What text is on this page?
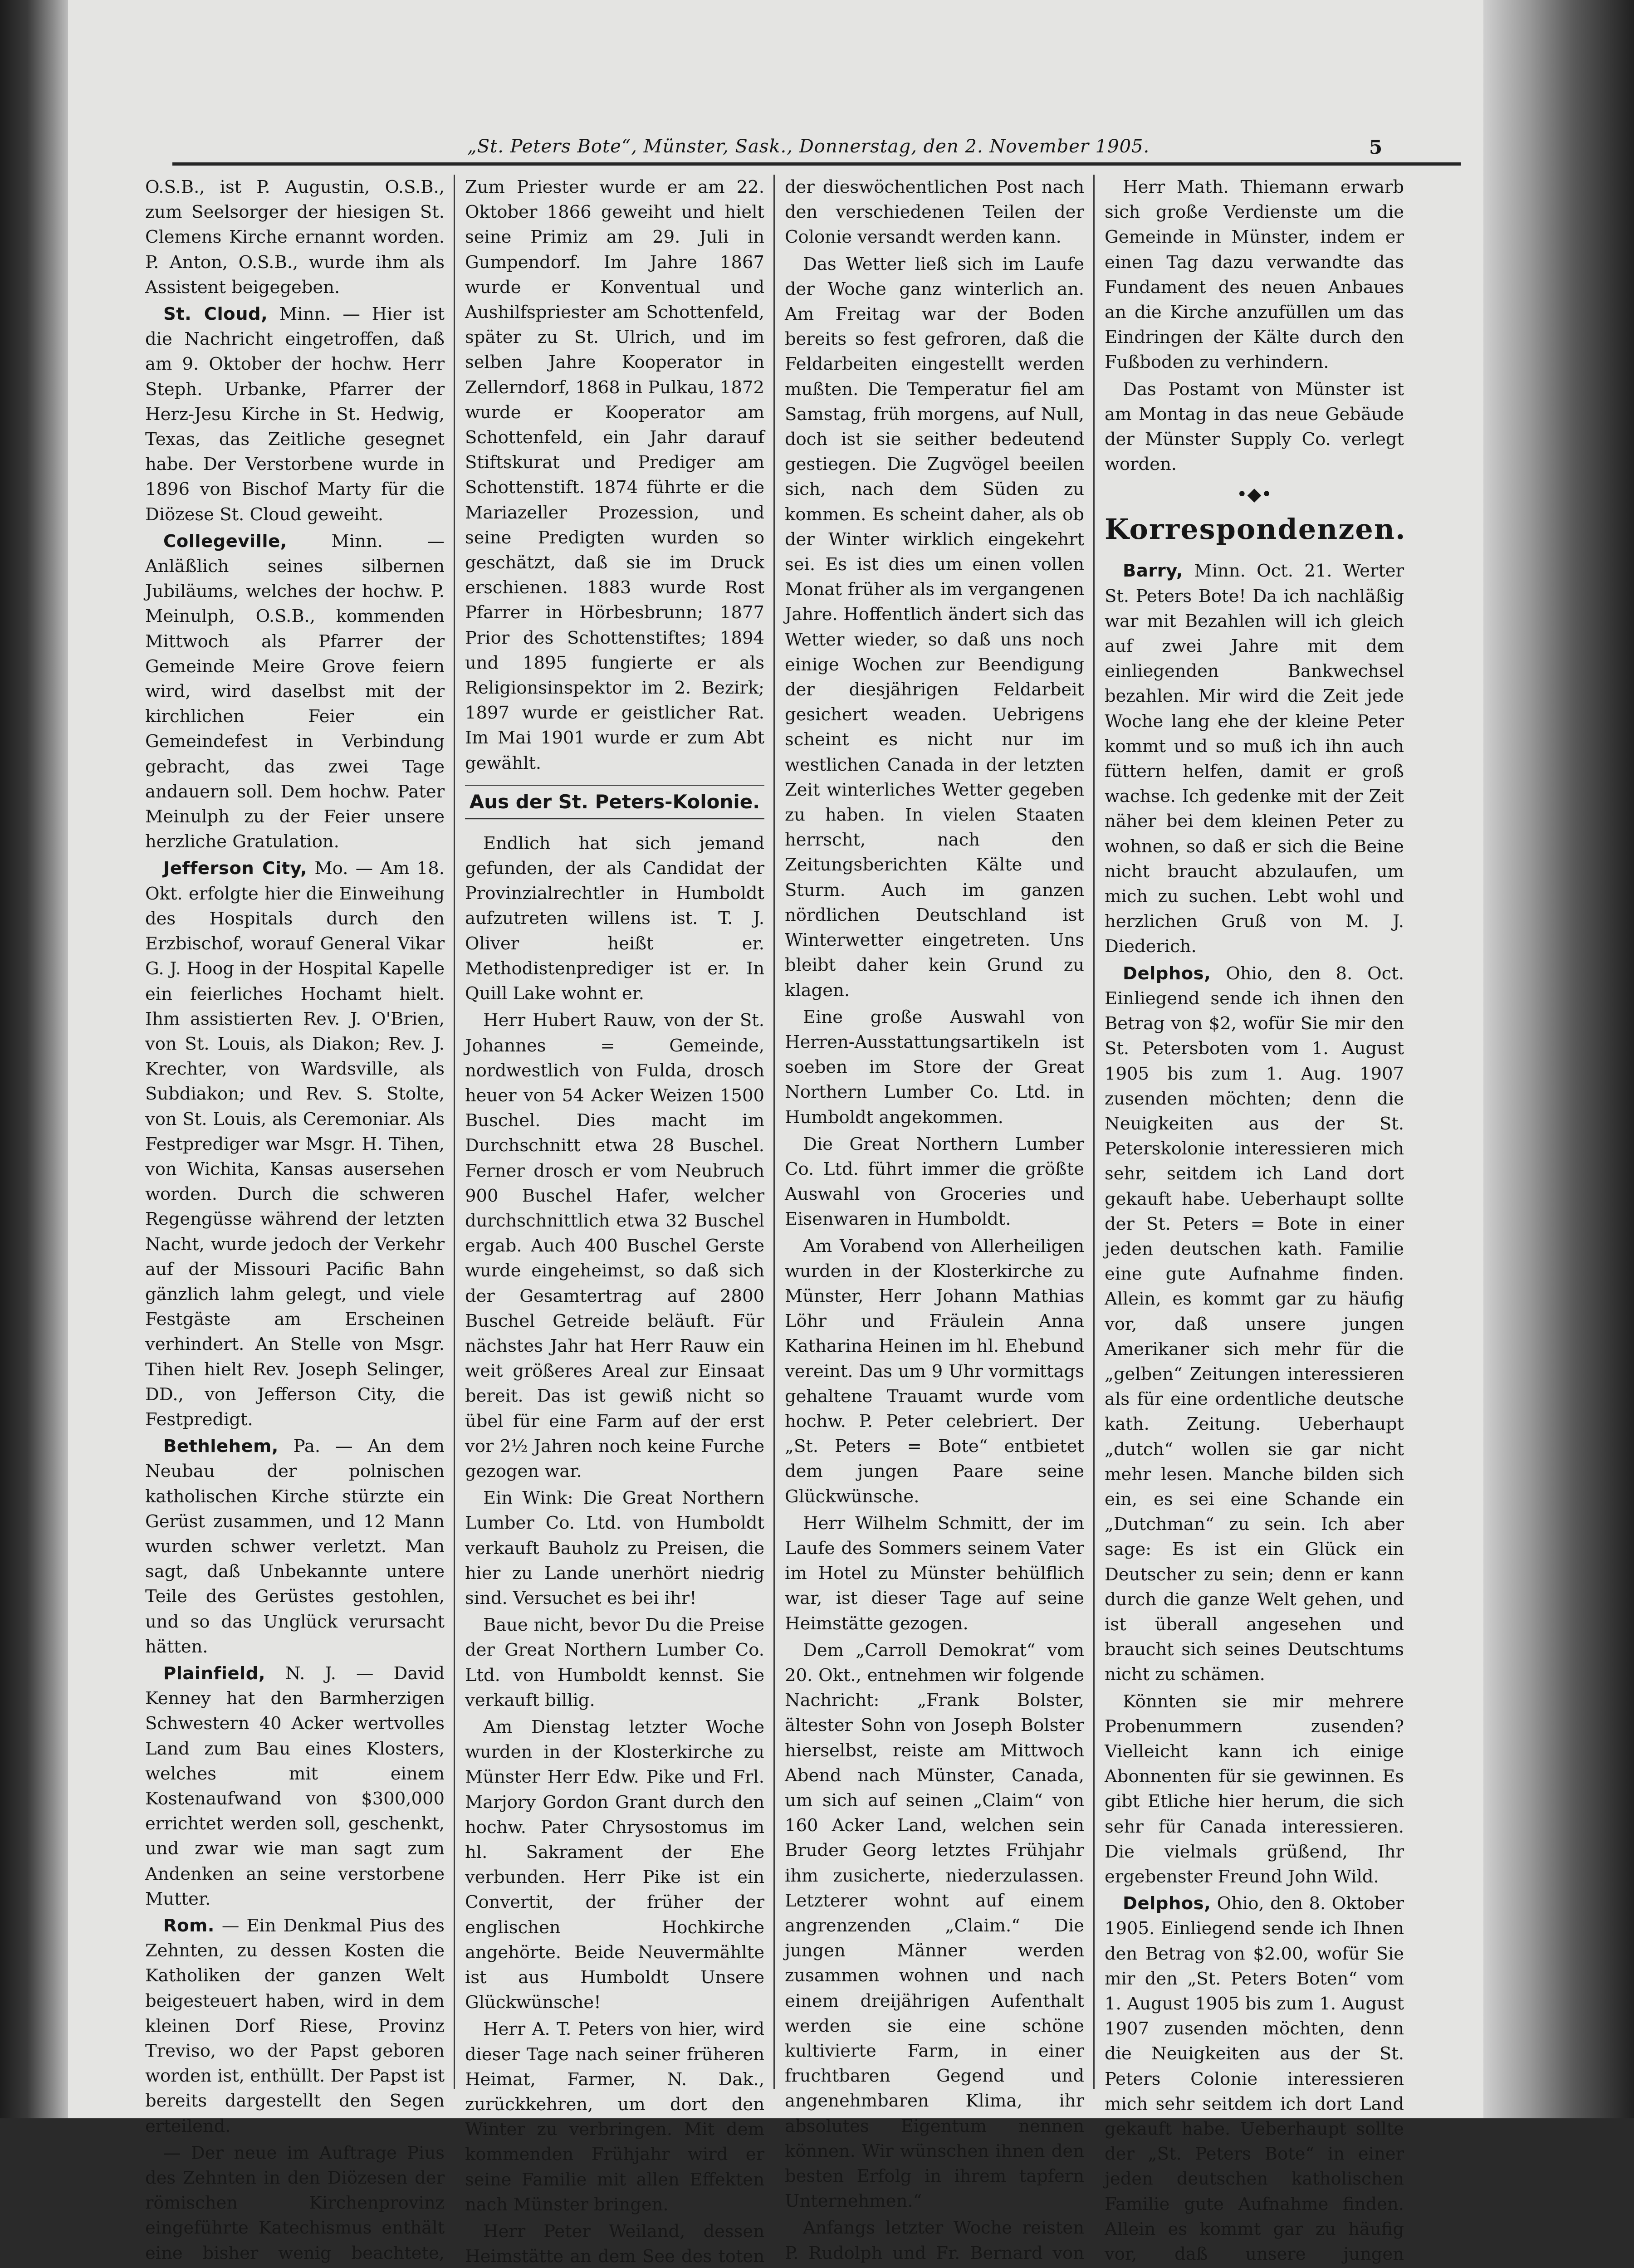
„St. Peters Bote“, Münster, Sask., Donnerstag, den 2. November 1905.	5

O.S.B., ist P. Augustin, O.S.B., zum Seelsorger der hiesigen St. Clemens Kirche ernannt worden. P. Anton, O.S.B., wurde ihm als Assistent beigegeben.

St. Cloud, Minn. — Hier ist die Nachricht eingetroffen, daß am 9. Oktober der hochw. Herr Steph. Urbanke, Pfarrer der Herz-Jesu Kirche in St. Hedwig, Texas, das Zeitliche gesegnet habe. Der Verstorbene wurde in 1896 von Bischof Marty für die Diözese St. Cloud geweiht.

Collegeville, Minn. — Anläßlich seines silbernen Jubiläums, welches der hochw. P. Meinulph, O.S.B., kommenden Mittwoch als Pfarrer der Gemeinde Meire Grove feiern wird, wird daselbst mit der kirchlichen Feier ein Gemeindefest in Verbindung gebracht, das zwei Tage andauern soll. Dem hochw. Pater Meinulph zu der Feier unsere herzliche Gratulation.

Jefferson City, Mo. — Am 18. Okt. erfolgte hier die Einweihung des Hospitals durch den Erzbischof, worauf General Vikar G. J. Hoog in der Hospital Kapelle ein feierliches Hochamt hielt. Ihm assistierten Rev. J. O'Brien, von St. Louis, als Diakon; Rev. J. Krechter, von Wardsville, als Subdiakon; und Rev. S. Stolte, von St. Louis, als Ceremoniar. Als Festprediger war Msgr. H. Tihen, von Wichita, Kansas ausersehen worden. Durch die schweren Regengüsse während der letzten Nacht, wurde jedoch der Verkehr auf der Missouri Pacific Bahn gänzlich lahm gelegt, und viele Festgäste am Erscheinen verhindert. An Stelle von Msgr. Tihen hielt Rev. Joseph Selinger, DD., von Jefferson City, die Festpredigt.

Bethlehem, Pa. — An dem Neubau der polnischen katholischen Kirche stürzte ein Gerüst zusammen, und 12 Mann wurden schwer verletzt. Man sagt, daß Unbekannte untere Teile des Gerüstes gestohlen, und so das Unglück verursacht hätten.

Plainfield, N. J. — David Kenney hat den Barmherzigen Schwestern 40 Acker wertvolles Land zum Bau eines Klosters, welches mit einem Kostenaufwand von $300,000 errichtet werden soll, geschenkt, und zwar wie man sagt zum Andenken an seine verstorbene Mutter.

Rom. — Ein Denkmal Pius des Zehnten, zu dessen Kosten die Katholiken der ganzen Welt beigesteuert haben, wird in dem kleinen Dorf Riese, Provinz Treviso, wo der Papst geboren worden ist, enthüllt. Der Papst ist bereits dargestellt den Segen erteilend.

— Der neue im Auftrage Pius des Zehnten in den Diözesen der römischen Kirchenprovinz eingeführte Katechismus enthält eine bisher wenig beachtete,

Zum Priester wurde er am 22. Oktober 1866 geweiht und hielt seine Primiz am 29. Juli in Gumpendorf. Im Jahre 1867 wurde er Konventual und Aushilfspriester am Schottenfeld, später zu St. Ulrich, und im selben Jahre Kooperator in Zellerndorf, 1868 in Pulkau, 1872 wurde er Kooperator am Schottenfeld, ein Jahr darauf Stiftskurat und Prediger am Schottenstift. 1874 führte er die Mariazeller Prozession, und seine Predigten wurden so geschätzt, daß sie im Druck erschienen. 1883 wurde Rost Pfarrer in Hörbesbrunn; 1877 Prior des Schottenstiftes; 1894 und 1895 fungierte er als Religionsinspektor im 2. Bezirk; 1897 wurde er geistlicher Rat. Im Mai 1901 wurde er zum Abt gewählt.

Aus der St. Peters-Kolonie.

Endlich hat sich jemand gefunden, der als Candidat der Provinzialrechtler in Humboldt aufzutreten willens ist. T. J. Oliver heißt er. Methodistenprediger ist er. In Quill Lake wohnt er.

Herr Hubert Rauw, von der St. Johannes = Gemeinde, nordwestlich von Fulda, drosch heuer von 54 Acker Weizen 1500 Buschel. Dies macht im Durchschnitt etwa 28 Buschel. Ferner drosch er vom Neubruch 900 Buschel Hafer, welcher durchschnittlich etwa 32 Buschel ergab. Auch 400 Buschel Gerste wurde eingeheimst, so daß sich der Gesamtertrag auf 2800 Buschel Getreide beläuft. Für nächstes Jahr hat Herr Rauw ein weit größeres Areal zur Einsaat bereit. Das ist gewiß nicht so übel für eine Farm auf der erst vor 2½ Jahren noch keine Furche gezogen war.

Ein Wink: Die Great Northern Lumber Co. Ltd. von Humboldt verkauft Bauholz zu Preisen, die hier zu Lande unerhört niedrig sind. Versuchet es bei ihr!

Baue nicht, bevor Du die Preise der Great Northern Lumber Co. Ltd. von Humboldt kennst. Sie verkauft billig.

Am Dienstag letzter Woche wurden in der Klosterkirche zu Münster Herr Edw. Pike und Frl. Marjory Gordon Grant durch den hochw. Pater Chrysostomus im hl. Sakrament der Ehe verbunden. Herr Pike ist ein Convertit, der früher der englischen Hochkirche angehörte. Beide Neuvermählte ist aus Humboldt Unsere Glückwünsche!

Herr A. T. Peters von hier, wird dieser Tage nach seiner früheren Heimat, Farmer, N. Dak., zurückkehren, um dort den Winter zu verbringen. Mit dem kommenden Frühjahr wird er seine Familie mit allen Effekten nach Münster bringen.

Herr Peter Weiland, dessen Heimstätte an dem See des toten

der dieswöchentlichen Post nach den verschiedenen Teilen der Colonie versandt werden kann.

Das Wetter ließ sich im Laufe der Woche ganz winterlich an. Am Freitag war der Boden bereits so fest gefroren, daß die Feldarbeiten eingestellt werden mußten. Die Temperatur fiel am Samstag, früh morgens, auf Null, doch ist sie seither bedeutend gestiegen. Die Zugvögel beeilen sich, nach dem Süden zu kommen. Es scheint daher, als ob der Winter wirklich eingekehrt sei. Es ist dies um einen vollen Monat früher als im vergangenen Jahre. Hoffentlich ändert sich das Wetter wieder, so daß uns noch einige Wochen zur Beendigung der diesjährigen Feldarbeit gesichert weaden. Uebrigens scheint es nicht nur im westlichen Canada in der letzten Zeit winterliches Wetter gegeben zu haben. In vielen Staaten herrscht, nach den Zeitungsberichten Kälte und Sturm. Auch im ganzen nördlichen Deutschland ist Winterwetter eingetreten. Uns bleibt daher kein Grund zu klagen.

Eine große Auswahl von Herren-Ausstattungsartikeln ist soeben im Store der Great Northern Lumber Co. Ltd. in Humboldt angekommen.

Die Great Northern Lumber Co. Ltd. führt immer die größte Auswahl von Groceries und Eisenwaren in Humboldt.

Am Vorabend von Allerheiligen wurden in der Klosterkirche zu Münster, Herr Johann Mathias Löhr und Fräulein Anna Katharina Heinen im hl. Ehebund vereint. Das um 9 Uhr vormittags gehaltene Trauamt wurde vom hochw. P. Peter celebriert. Der „St. Peters = Bote“ entbietet dem jungen Paare seine Glückwünsche.

Herr Wilhelm Schmitt, der im Laufe des Sommers seinem Vater im Hotel zu Münster behülflich war, ist dieser Tage auf seine Heimstätte gezogen.

Dem „Carroll Demokrat“ vom 20. Okt., entnehmen wir folgende Nachricht: „Frank Bolster, ältester Sohn von Joseph Bolster hierselbst, reiste am Mittwoch Abend nach Münster, Canada, um sich auf seinen „Claim“ von 160 Acker Land, welchen sein Bruder Georg letztes Frühjahr ihm zusicherte, niederzulassen. Letzterer wohnt auf einem angrenzenden „Claim.“ Die jungen Männer werden zusammen wohnen und nach einem dreijährigen Aufenthalt werden sie eine schöne kultivierte Farm, in einer fruchtbaren Gegend und angenehmbaren Klima, ihr absolutes Eigentum nennen können. Wir wünschen ihnen den besten Erfolg in ihrem tapfern Unternehmen.“

Anfangs letzter Woche reisten P. Rudolph und Fr. Bernard von

Herr Math. Thiemann erwarb sich große Verdienste um die Gemeinde in Münster, indem er einen Tag dazu verwandte das Fundament des neuen Anbaues an die Kirche anzufüllen um das Eindringen der Kälte durch den Fußboden zu verhindern.

Das Postamt von Münster ist am Montag in das neue Gebäude der Münster Supply Co. verlegt worden.

•◆•
Korrespondenzen.

Barry, Minn. Oct. 21. Werter St. Peters Bote! Da ich nachläßig war mit Bezahlen will ich gleich auf zwei Jahre mit dem einliegenden Bankwechsel bezahlen. Mir wird die Zeit jede Woche lang ehe der kleine Peter kommt und so muß ich ihn auch füttern helfen, damit er groß wachse. Ich gedenke mit der Zeit näher bei dem kleinen Peter zu wohnen, so daß er sich die Beine nicht braucht abzulaufen, um mich zu suchen. Lebt wohl und herzlichen Gruß von M. J. Diederich.

Delphos, Ohio, den 8. Oct. Einliegend sende ich ihnen den Betrag von $2, wofür Sie mir den St. Petersboten vom 1. August 1905 bis zum 1. Aug. 1907 zusenden möchten; denn die Neuigkeiten aus der St. Peterskolonie interessieren mich sehr, seitdem ich Land dort gekauft habe. Ueberhaupt sollte der St. Peters = Bote in einer jeden deutschen kath. Familie eine gute Aufnahme finden. Allein, es kommt gar zu häufig vor, daß unsere jungen Amerikaner sich mehr für die „gelben“ Zeitungen interessieren als für eine ordentliche deutsche kath. Zeitung. Ueberhaupt „dutch“ wollen sie gar nicht mehr lesen. Manche bilden sich ein, es sei eine Schande ein „Dutchman“ zu sein. Ich aber sage: Es ist ein Glück ein Deutscher zu sein; denn er kann durch die ganze Welt gehen, und ist überall angesehen und braucht sich seines Deutschtums nicht zu schämen.

Könnten sie mir mehrere Probenummern zusenden? Vielleicht kann ich einige Abonnenten für sie gewinnen. Es gibt Etliche hier herum, die sich sehr für Canada interessieren. Die vielmals grüßend, Ihr ergebenster Freund John Wild.

Delphos, Ohio, den 8. Oktober 1905. Einliegend sende ich Ihnen den Betrag von $2.00, wofür Sie mir den „St. Peters Boten“ vom 1. August 1905 bis zum 1. August 1907 zusenden möchten, denn die Neuigkeiten aus der St. Peters Colonie interessieren mich sehr seitdem ich dort Land gekauft habe. Ueberhaupt sollte der „St. Peters Bote“ in einer jeden deutschen katholischen Familie gute Aufnahme finden. Allein es kommt gar zu häufig vor, daß unsere jungen
